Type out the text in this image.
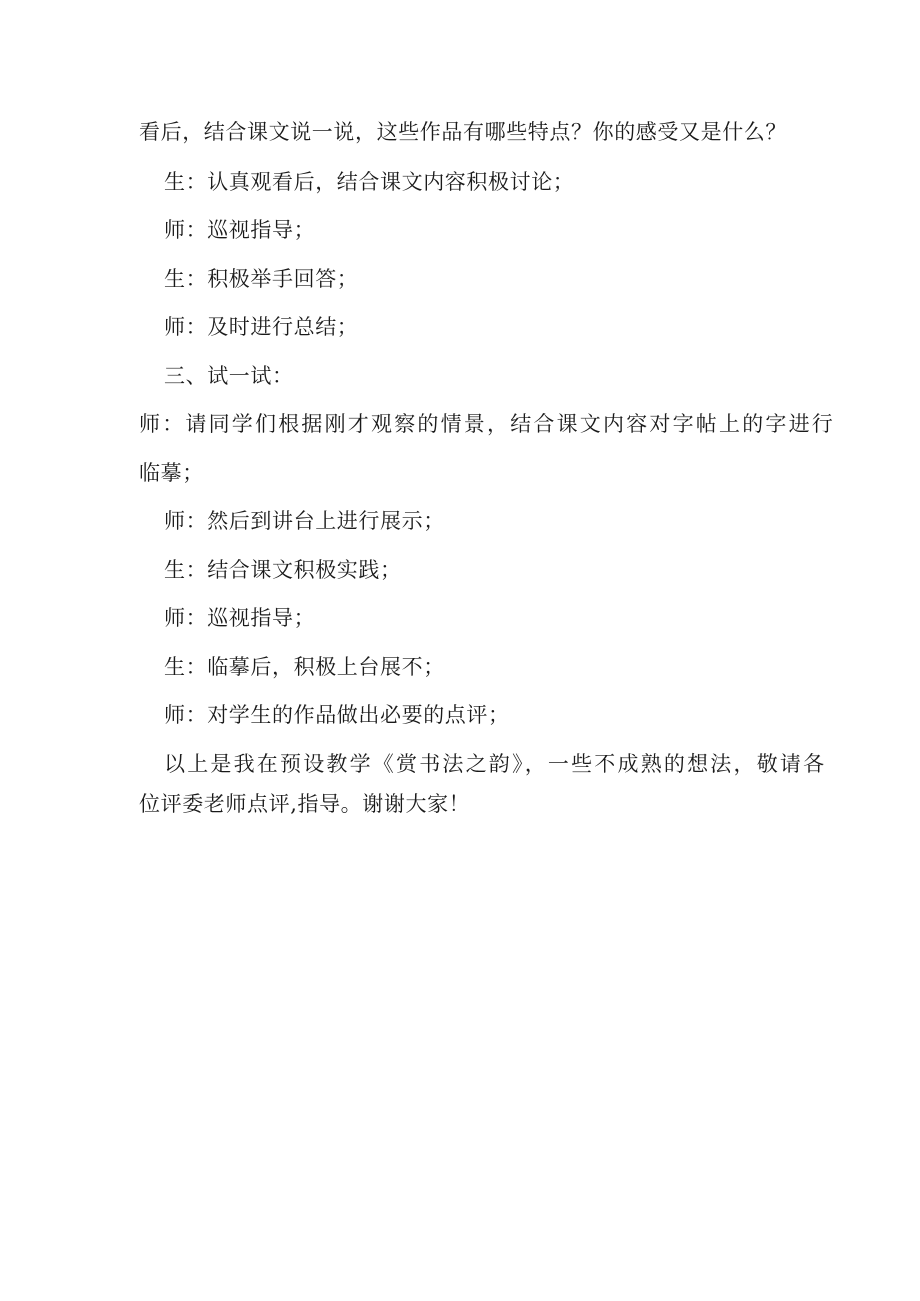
看后，结合课文说一说，这些作品有哪些特点？你的感受又是什么？
生：认真观看后，结合课文内容积极讨论；
师：巡视指导；
生：积极举手回答；
师：及时进行总结；
三、试一试：
师：请同学们根据刚才观察的情景，结合课文内容对字帖上的字进行
临摹；
师：然后到讲台上进行展示；
生：结合课文积极实践；
师：巡视指导；
生：临摹后，积极上台展不；
师：对学生的作品做出必要的点评；
以上是我在预设教学《赏书法之韵》，一些不成熟的想法，敬请各
位评委老师点评,指导。谢谢大家！
